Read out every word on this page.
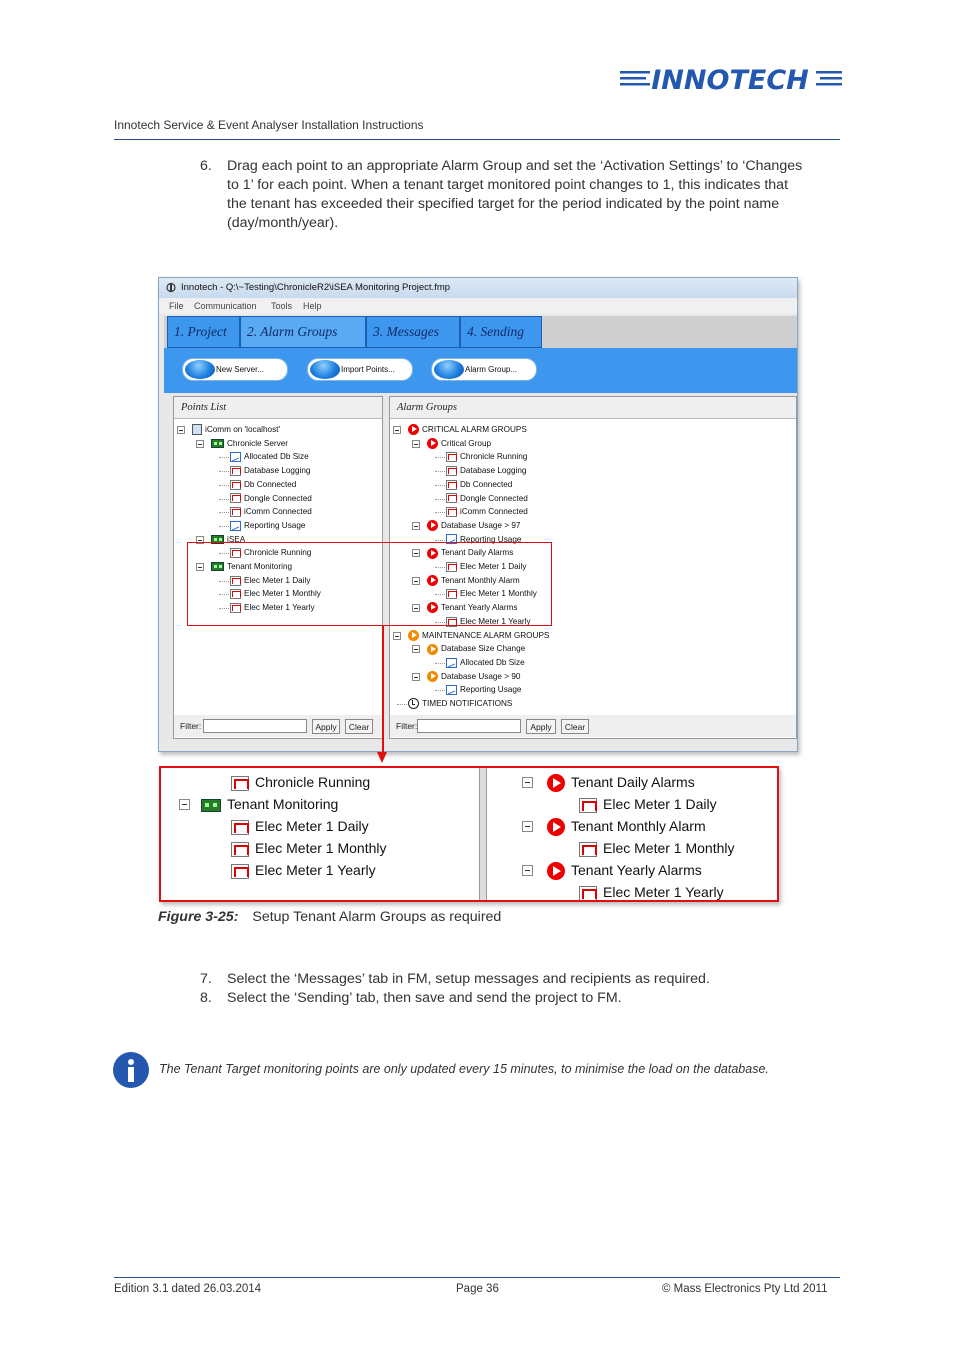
INNOTECH
Innotech Service & Event Analyser Installation Instructions
6. Drag each point to an appropriate Alarm Group and set the ‘Activation Settings’ to ‘Changes
to 1’ for each point. When a tenant target monitored point changes to 1, this indicates that
the tenant has exceeded their specified target for the period indicated by the point name
(day/month/year).
Innotech - Q:\~Testing\ChronicleR2\iSEA Monitoring Project.fmp
File Communication Tools Help
1. Project	2. Alarm Groups	3. Messages	4. Sending
New Server...	Import Points...	Alarm Group...
Points List
iComm on 'localhost'
Chronicle Server
Allocated Db Size
Database Logging
Db Connected
Dongle Connected
iComm Connected
Reporting Usage
iSEA
Chronicle Running
Tenant Monitoring
Elec Meter 1 Daily
Elec Meter 1 Monthly
Elec Meter 1 Yearly
Filter:	Apply	Clear
Alarm Groups
CRITICAL ALARM GROUPS
Critical Group
Chronicle Running
Database Logging
Db Connected
Dongle Connected
iComm Connected
Database Usage > 97
Reporting Usage
Tenant Daily Alarms
Elec Meter 1 Daily
Tenant Monthly Alarm
Elec Meter 1 Monthly
Tenant Yearly Alarms
Elec Meter 1 Yearly
MAINTENANCE ALARM GROUPS
Database Size Change
Allocated Db Size
Database Usage > 90
Reporting Usage
TIMED NOTIFICATIONS
Filter:	Apply	Clear
Chronicle Running
Tenant Monitoring
Elec Meter 1 Daily
Elec Meter 1 Monthly
Elec Meter 1 Yearly
Tenant Daily Alarms
Elec Meter 1 Daily
Tenant Monthly Alarm
Elec Meter 1 Monthly
Tenant Yearly Alarms
Elec Meter 1 Yearly
Figure 3-25: Setup Tenant Alarm Groups as required
7. Select the ‘Messages’ tab in FM, setup messages and recipients as required.
8. Select the ‘Sending’ tab, then save and send the project to FM.
The Tenant Target monitoring points are only updated every 15 minutes, to minimise the load on the database.
Edition 3.1 dated 26.03.2014	Page 36	© Mass Electronics Pty Ltd 2011
